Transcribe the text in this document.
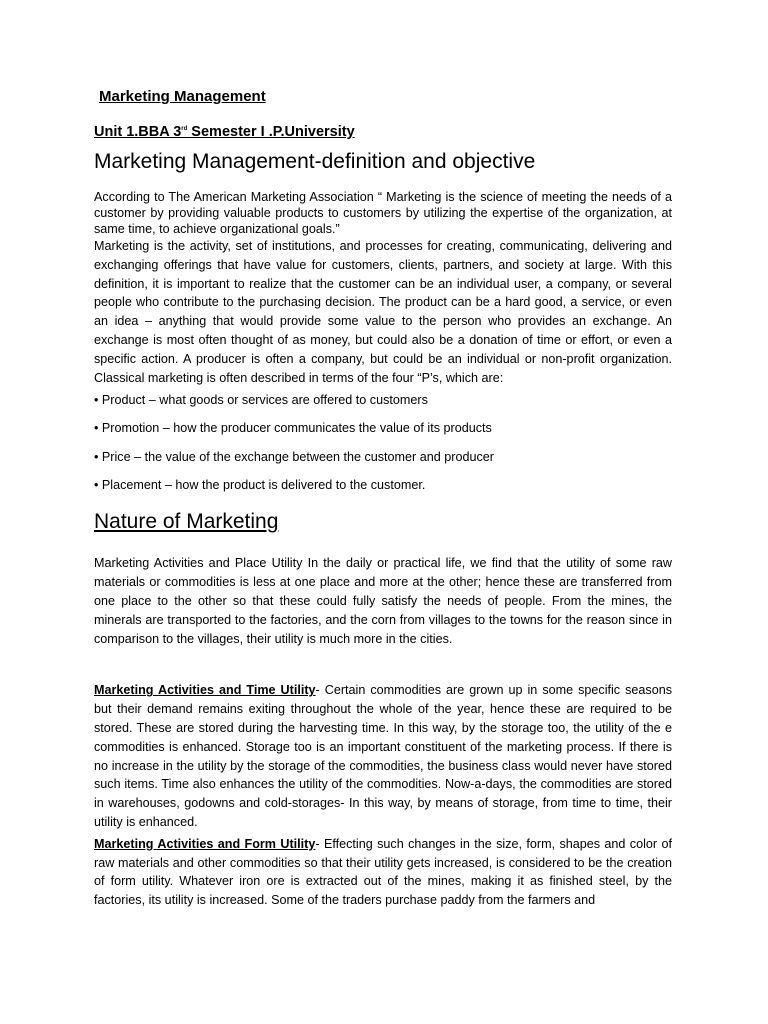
Marketing Management
Unit 1.BBA 3rd Semester I .P.University
Marketing Management-definition and objective

According to The American Marketing Association “ Marketing is the science of meeting the needs of a customer by providing valuable products to customers by utilizing the expertise of the organization, at same time, to achieve organizational goals.”

Marketing is the activity, set of institutions, and processes for creating, communicating, delivering and exchanging offerings that have value for customers, clients, partners, and society at large. With this definition, it is important to realize that the customer can be an individual user, a company, or several people who contribute to the purchasing decision. The product can be a hard good, a service, or even an idea – anything that would provide some value to the person who provides an exchange. An exchange is most often thought of as money, but could also be a donation of time or effort, or even a specific action. A producer is often a company, but could be an individual or non-profit organization. Classical marketing is often described in terms of the four “P’s, which are:

• Product – what goods or services are offered to customers
• Promotion – how the producer communicates the value of its products
• Price – the value of the exchange between the customer and producer
• Placement – how the product is delivered to the customer.
Nature of Marketing

Marketing Activities and Place Utility In the daily or practical life, we find that the utility of some raw materials or commodities is less at one place and more at the other; hence these are transferred from one place to the other so that these could fully satisfy the needs of people. From the mines, the minerals are transported to the factories, and the corn from villages to the towns for the reason since in comparison to the villages, their utility is much more in the cities.

Marketing Activities and Time Utility- Certain commodities are grown up in some specific seasons but their demand remains exiting throughout the whole of the year, hence these are required to be stored. These are stored during the harvesting time. In this way, by the storage too, the utility of the e commodities is enhanced. Storage too is an important constituent of the marketing process. If there is no increase in the utility by the storage of the commodities, the business class would never have stored such items. Time also enhances the utility of the commodities. Now-a-days, the commodities are stored in warehouses, godowns and cold-storages- In this way, by means of storage, from time to time, their utility is enhanced.

Marketing Activities and Form Utility- Effecting such changes in the size, form, shapes and color of raw materials and other commodities so that their utility gets increased, is considered to be the creation of form utility. Whatever iron ore is extracted out of the mines, making it as finished steel, by the factories, its utility is increased. Some of the traders purchase paddy from the farmers and
